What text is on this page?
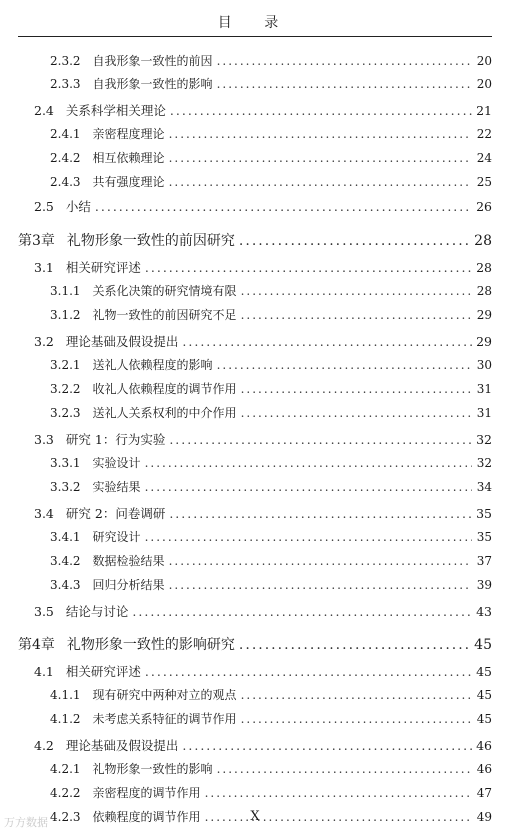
目 录
2.3.2 自我形象一致性的前因 .....	20
2.3.3 自我形象一致性的影响 .....	20
2.4 关系科学相关理论 .....	21
2.4.1 亲密程度理论 .....	22
2.4.2 相互依赖理论 .....	24
2.4.3 共有强度理论 .....	25
2.5 小结 .....	26
第3章 礼物形象一致性的前因研究 .....	28
3.1 相关研究评述 .....	28
3.1.1 关系化决策的研究情境有限 .....	28
3.1.2 礼物一致性的前因研究不足 .....	29
3.2 理论基础及假设提出 .....	29
3.2.1 送礼人依赖程度的影响 .....	30
3.2.2 收礼人依赖程度的调节作用 .....	31
3.2.3 送礼人关系权利的中介作用 .....	31
3.3 研究 1：行为实验 .....	32
3.3.1 实验设计 .....	32
3.3.2 实验结果 .....	34
3.4 研究 2：问卷调研 .....	35
3.4.1 研究设计 .....	35
3.4.2 数据检验结果 .....	37
3.4.3 回归分析结果 .....	39
3.5 结论与讨论 .....	43
第4章 礼物形象一致性的影响研究 .....	45
4.1 相关研究评述 .....	45
4.1.1 现有研究中两种对立的观点 .....	45
4.1.2 未考虑关系特征的调节作用 .....	45
4.2 理论基础及假设提出 .....	46
4.2.1 礼物形象一致性的影响 .....	46
4.2.2 亲密程度的调节作用 .....	47
4.2.3 依赖程度的调节作用 .....	49
X
万方数据
